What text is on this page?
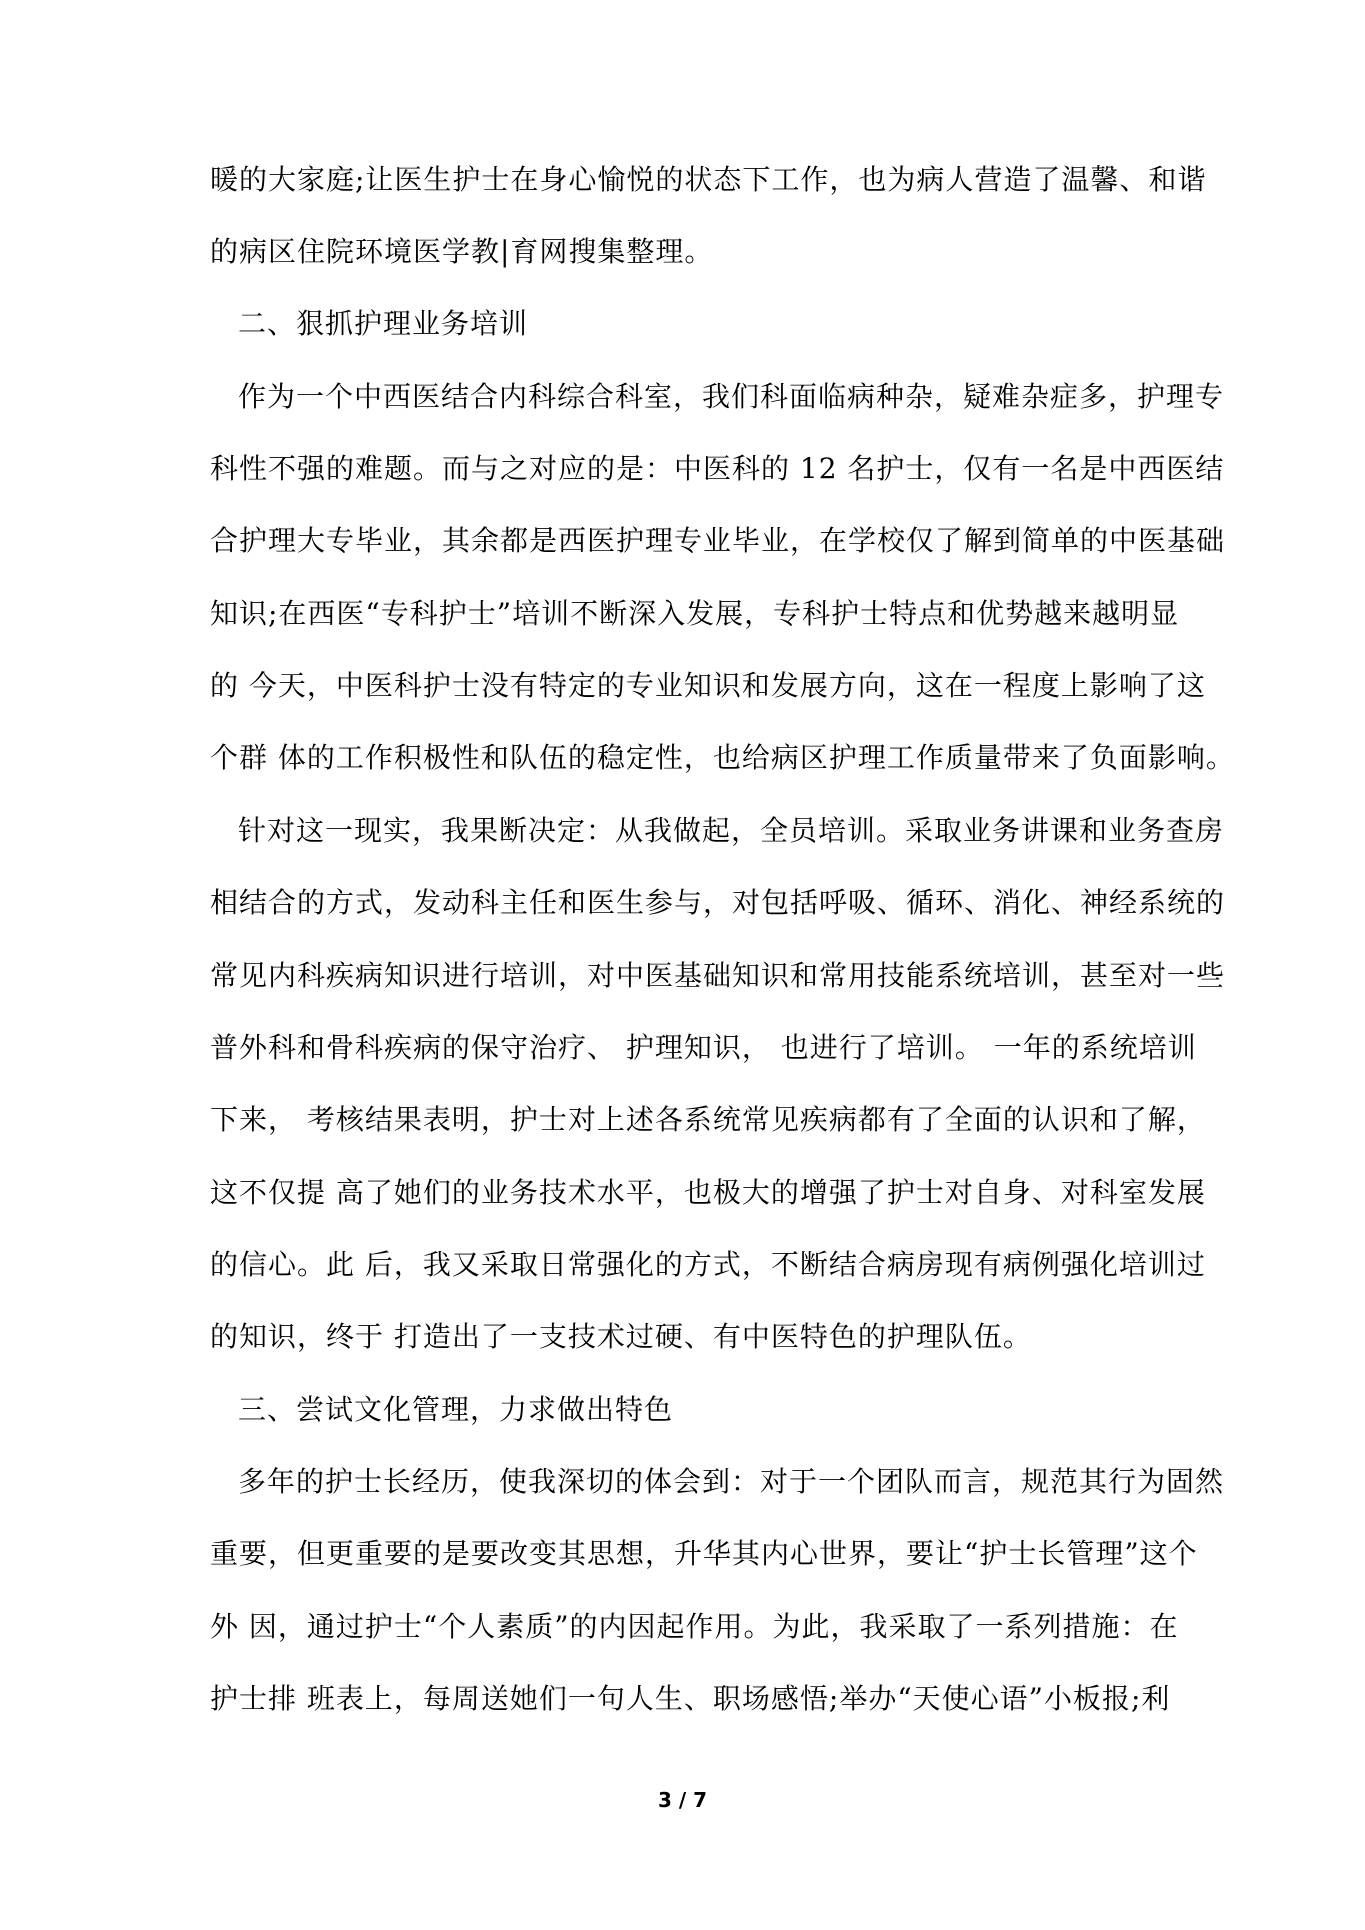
暖的大家庭;让医生护士在身心愉悦的状态下工作，也为病人营造了温馨、和谐
的病区住院环境医学教|育网搜集整理。
二、狠抓护理业务培训
作为一个中西医结合内科综合科室，我们科面临病种杂，疑难杂症多，护理专
科性不强的难题。而与之对应的是：中医科的 12 名护士，仅有一名是中西医结
合护理大专毕业，其余都是西医护理专业毕业，在学校仅了解到简单的中医基础
知识;在西医“专科护士”培训不断深入发展，专科护士特点和优势越来越明显
的 今天，中医科护士没有特定的专业知识和发展方向，这在一程度上影响了这
个群 体的工作积极性和队伍的稳定性，也给病区护理工作质量带来了负面影响。
针对这一现实，我果断决定：从我做起，全员培训。采取业务讲课和业务查房
相结合的方式，发动科主任和医生参与，对包括呼吸、循环、消化、神经系统的
常见内科疾病知识进行培训，对中医基础知识和常用技能系统培训，甚至对一些
普外科和骨科疾病的保守治疗、 护理知识， 也进行了培训。 一年的系统培训
下来， 考核结果表明，护士对上述各系统常见疾病都有了全面的认识和了解，
这不仅提 高了她们的业务技术水平，也极大的增强了护士对自身、对科室发展
的信心。此 后，我又采取日常强化的方式，不断结合病房现有病例强化培训过
的知识，终于 打造出了一支技术过硬、有中医特色的护理队伍。
三、尝试文化管理，力求做出特色
多年的护士长经历，使我深切的体会到：对于一个团队而言，规范其行为固然
重要，但更重要的是要改变其思想，升华其内心世界，要让“护士长管理”这个
外 因，通过护士“个人素质”的内因起作用。为此，我采取了一系列措施：在
护士排 班表上，每周送她们一句人生、职场感悟;举办“天使心语”小板报;利
3 / 7
